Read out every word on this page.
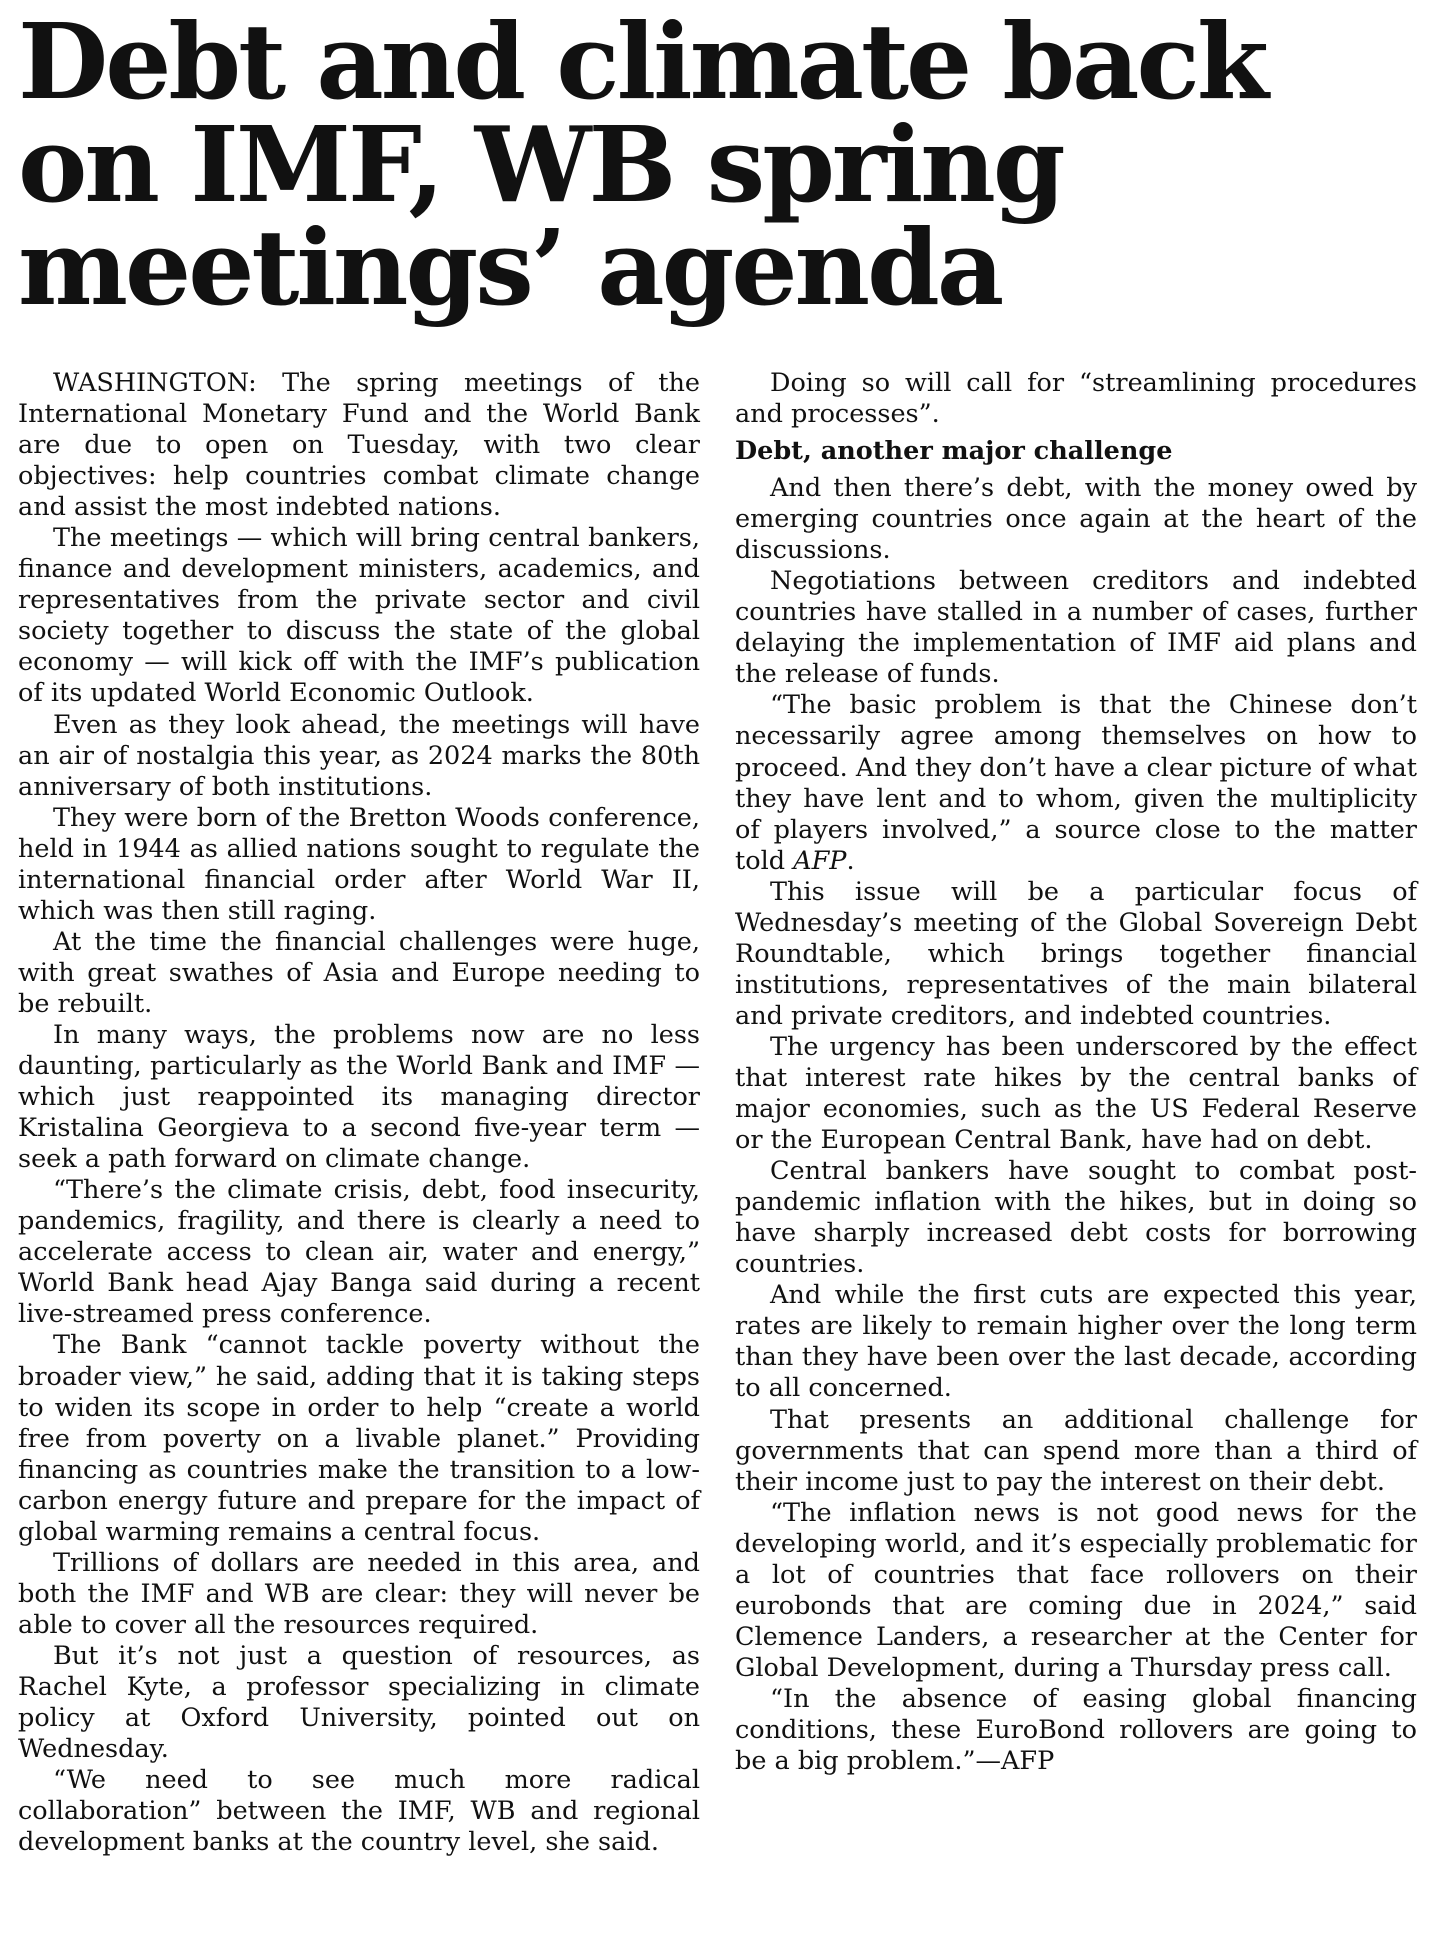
Debt and climate back
on IMF, WB spring
meetings’ agenda

WASHINGTON: The spring meetings of the International Monetary Fund and the World Bank are due to open on Tuesday, with two clear objectives: help countries combat climate change and assist the most indebted nations.

The meetings — which will bring central bankers, finance and development ministers, academics, and representatives from the private sector and civil society together to discuss the state of the global economy — will kick off with the IMF’s publication of its updated World Economic Outlook.

Even as they look ahead, the meetings will have an air of nostalgia this year, as 2024 marks the 80th anniversary of both institutions.

They were born of the Bretton Woods conference, held in 1944 as allied nations sought to regulate the international financial order after World War II, which was then still raging.

At the time the financial challenges were huge, with great swathes of Asia and Europe needing to be rebuilt.

In many ways, the problems now are no less daunting, particularly as the World Bank and IMF — which just reappointed its managing director Kristalina Georgieva to a second five-year term — seek a path forward on climate change.

“There’s the climate crisis, debt, food insecurity, pandemics, fragility, and there is clearly a need to accelerate access to clean air, water and energy,” World Bank head Ajay Banga said during a recent live-streamed press conference.

The Bank “cannot tackle poverty without the broader view,” he said, adding that it is taking steps to widen its scope in order to help “create a world free from poverty on a livable planet.” Providing financing as countries make the transition to a low-carbon energy future and prepare for the impact of global warming remains a central focus.

Trillions of dollars are needed in this area, and both the IMF and WB are clear: they will never be able to cover all the resources required.

But it’s not just a question of resources, as Rachel Kyte, a professor specializing in climate policy at Oxford University, pointed out on Wednesday.

“We need to see much more radical collaboration” between the IMF, WB and regional development banks at the country level, she said.

Doing so will call for “streamlining procedures and processes”.

Debt, another major challenge

And then there’s debt, with the money owed by emerging countries once again at the heart of the discussions.

Negotiations between creditors and indebted countries have stalled in a number of cases, further delaying the implementation of IMF aid plans and the release of funds.

“The basic problem is that the Chinese don’t necessarily agree among themselves on how to proceed. And they don’t have a clear picture of what they have lent and to whom, given the multiplicity of players involved,” a source close to the matter told AFP.

This issue will be a particular focus of Wednesday’s meeting of the Global Sovereign Debt Roundtable, which brings together financial institutions, representatives of the main bilateral and private creditors, and indebted countries.

The urgency has been underscored by the effect that interest rate hikes by the central banks of major economies, such as the US Federal Reserve or the European Central Bank, have had on debt.

Central bankers have sought to combat post-pandemic inflation with the hikes, but in doing so have sharply increased debt costs for borrowing countries.

And while the first cuts are expected this year, rates are likely to remain higher over the long term than they have been over the last decade, according to all concerned.

That presents an additional challenge for governments that can spend more than a third of their income just to pay the interest on their debt.

“The inflation news is not good news for the developing world, and it’s especially problematic for a lot of countries that face rollovers on their eurobonds that are coming due in 2024,” said Clemence Landers, a researcher at the Center for Global Development, during a Thursday press call.

“In the absence of easing global financing conditions, these EuroBond rollovers are going to be a big problem.”—AFP
